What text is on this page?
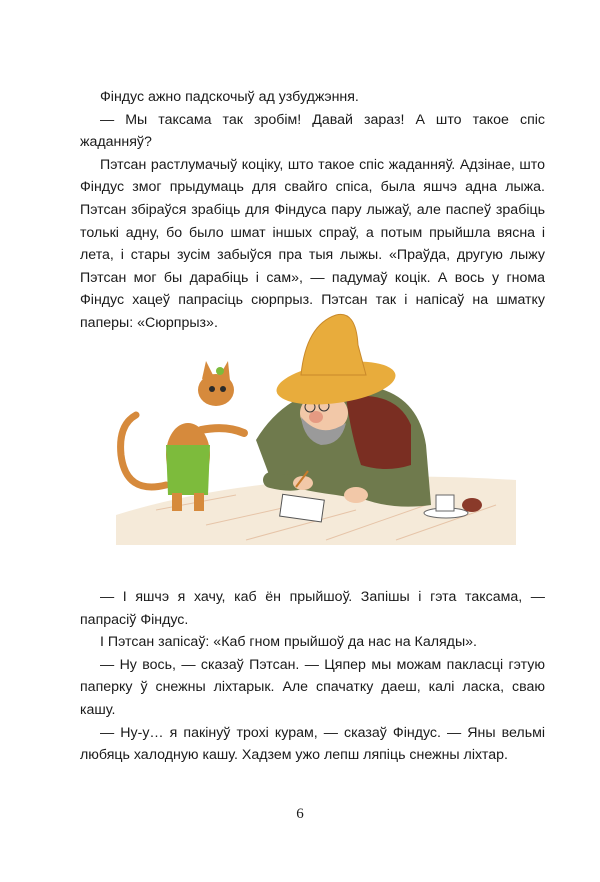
Фіндус ажно падскочыў ад узбуджэння.

— Мы таксама так зробім! Давай зараз! А што такое спіс жаданняў?

Пэтсан растлумачыў коціку, што такое спіс жаданняў. Адзінае, што Фіндус змог прыдумаць для свайго спіса, была яшчэ адна лыжа. Пэтсан збіраўся зрабіць для Фіндуса пару лыжаў, але паспеў зрабіць толькі адну, бо было шмат іншых спраў, а потым прыйшла вясна і лета, і стары зусім забыўся пра тыя лыжы. «Праўда, другую лыжу Пэтсан мог бы дарабіць і сам», — падумаў коцік. А вось у гнома Фіндус хацеў папрасіць сюрпрыз. Пэтсан так і напісаў на шматку паперы: «Сюрпрыз».

— І яшчэ я хачу, каб ён прыйшоў. Запішы і гэта таксама, — папрасіў Фіндус.

І Пэтсан запісаў: «Каб гном прыйшоў да нас на Каляды».

— Ну вось, — сказаў Пэтсан. — Цяпер мы можам пакласці гэтую паперку ў снежны ліхтарык. Але спачатку даеш, калі ласка, сваю кашу.

— Ну-у… я пакінуў трохі курам, — сказаў Фіндус. — Яны вельмі любяць халодную кашу. Хадзем ужо лепш ляпіць снежны ліхтар.

6
